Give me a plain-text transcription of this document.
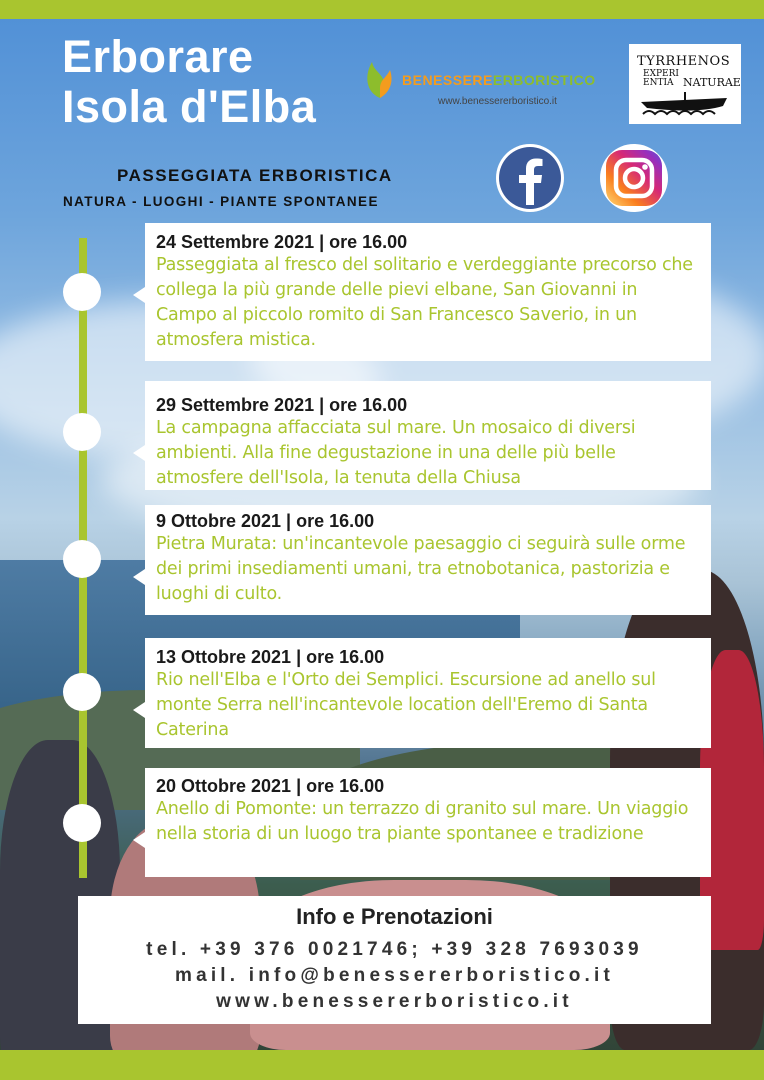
Erborare
Isola d'Elba
BENESSEREERBORISTICO
www.benessererboristico.it
TYRRHENOS
EXPERI
ENTIA NATURAE
PASSEGGIATA ERBORISTICA
NATURA - LUOGHI - PIANTE SPONTANEE
24 Settembre 2021 | ore 16.00
Passeggiata al fresco del solitario e verdeggiante precorso che collega la più grande delle pievi elbane, San Giovanni in Campo al piccolo romito di San Francesco Saverio, in un atmosfera mistica.
29 Settembre 2021 | ore 16.00
La campagna affacciata sul mare. Un mosaico di diversi ambienti. Alla fine degustazione in una delle più belle atmosfere dell'Isola, la tenuta della Chiusa
9 Ottobre 2021 | ore 16.00
Pietra Murata: un'incantevole paesaggio ci seguirà sulle orme dei primi insediamenti umani, tra etnobotanica, pastorizia e luoghi di culto.
13 Ottobre 2021 | ore 16.00
Rio nell'Elba e l'Orto dei Semplici. Escursione ad anello sul monte Serra nell'incantevole location dell'Eremo di Santa Caterina
20 Ottobre 2021 | ore 16.00
Anello di Pomonte: un terrazzo di granito sul mare. Un viaggio nella storia di un luogo tra piante spontanee e tradizione
Info e Prenotazioni
tel. +39 376 0021746; +39 328 7693039
mail. info@benessererboristico.it
www.benessererboristico.it
